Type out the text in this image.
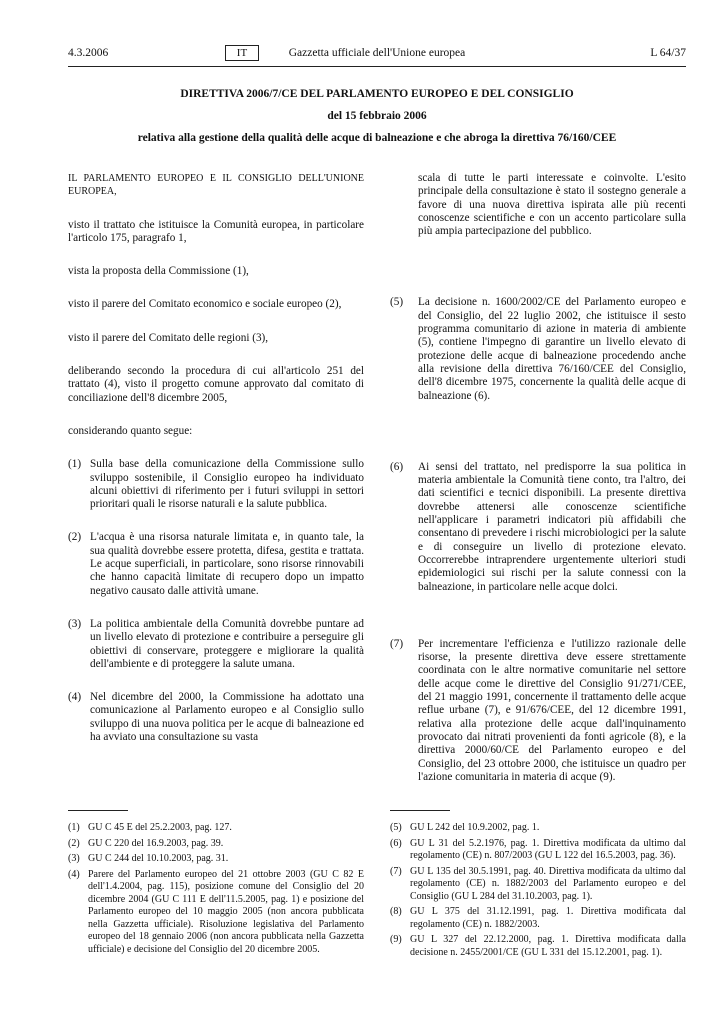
4.3.2006	IT	Gazzetta ufficiale dell'Unione europea	L 64/37
DIRETTIVA 2006/7/CE DEL PARLAMENTO EUROPEO E DEL CONSIGLIO
del 15 febbraio 2006
relativa alla gestione della qualità delle acque di balneazione e che abroga la direttiva 76/160/CEE

IL PARLAMENTO EUROPEO E IL CONSIGLIO DELL'UNIONE EUROPEA,

visto il trattato che istituisce la Comunità europea, in particolare l'articolo 175, paragrafo 1,

vista la proposta della Commissione (1),

visto il parere del Comitato economico e sociale europeo (2),

visto il parere del Comitato delle regioni (3),

deliberando secondo la procedura di cui all'articolo 251 del trattato (4), visto il progetto comune approvato dal comitato di conciliazione dell'8 dicembre 2005,

considerando quanto segue:

(1) Sulla base della comunicazione della Commissione sullo sviluppo sostenibile, il Consiglio europeo ha individuato alcuni obiettivi di riferimento per i futuri sviluppi in settori prioritari quali le risorse naturali e la salute pubblica.
(2) L'acqua è una risorsa naturale limitata e, in quanto tale, la sua qualità dovrebbe essere protetta, difesa, gestita e trattata. Le acque superficiali, in particolare, sono risorse rinnovabili che hanno capacità limitate di recupero dopo un impatto negativo causato dalle attività umane.
(3) La politica ambientale della Comunità dovrebbe puntare ad un livello elevato di protezione e contribuire a perseguire gli obiettivi di conservare, proteggere e migliorare la qualità dell'ambiente e di proteggere la salute umana.
(4) Nel dicembre del 2000, la Commissione ha adottato una comunicazione al Parlamento europeo e al Consiglio sullo sviluppo di una nuova politica per le acque di balneazione ed ha avviato una consultazione su vasta
scala di tutte le parti interessate e coinvolte. L'esito principale della consultazione è stato il sostegno generale a favore di una nuova direttiva ispirata alle più recenti conoscenze scientifiche e con un accento particolare sulla più ampia partecipazione del pubblico.
(5) La decisione n. 1600/2002/CE del Parlamento europeo e del Consiglio, del 22 luglio 2002, che istituisce il sesto programma comunitario di azione in materia di ambiente (5), contiene l'impegno di garantire un livello elevato di protezione delle acque di balneazione procedendo anche alla revisione della direttiva 76/160/CEE del Consiglio, dell'8 dicembre 1975, concernente la qualità delle acque di balneazione (6).
(6) Ai sensi del trattato, nel predisporre la sua politica in materia ambientale la Comunità tiene conto, tra l'altro, dei dati scientifici e tecnici disponibili. La presente direttiva dovrebbe attenersi alle conoscenze scientifiche nell'applicare i parametri indicatori più affidabili che consentano di prevedere i rischi microbiologici per la salute e di conseguire un livello di protezione elevato. Occorrerebbe intraprendere urgentemente ulteriori studi epidemiologici sui rischi per la salute connessi con la balneazione, in particolare nelle acque dolci.
(7) Per incrementare l'efficienza e l'utilizzo razionale delle risorse, la presente direttiva deve essere strettamente coordinata con le altre normative comunitarie nel settore delle acque come le direttive del Consiglio 91/271/CEE, del 21 maggio 1991, concernente il trattamento delle acque reflue urbane (7), e 91/676/CEE, del 12 dicembre 1991, relativa alla protezione delle acque dall'inquinamento provocato dai nitrati provenienti da fonti agricole (8), e la direttiva 2000/60/CE del Parlamento europeo e del Consiglio, del 23 ottobre 2000, che istituisce un quadro per l'azione comunitaria in materia di acque (9).
(1) GU C 45 E del 25.2.2003, pag. 127.
(2) GU C 220 del 16.9.2003, pag. 39.
(3) GU C 244 del 10.10.2003, pag. 31.
(4) Parere del Parlamento europeo del 21 ottobre 2003 (GU C 82 E dell'1.4.2004, pag. 115), posizione comune del Consiglio del 20 dicembre 2004 (GU C 111 E dell'11.5.2005, pag. 1) e posizione del Parlamento europeo del 10 maggio 2005 (non ancora pubblicata nella Gazzetta ufficiale). Risoluzione legislativa del Parlamento europeo del 18 gennaio 2006 (non ancora pubblicata nella Gazzetta ufficiale) e decisione del Consiglio del 20 dicembre 2005.
(5) GU L 242 del 10.9.2002, pag. 1.
(6) GU L 31 del 5.2.1976, pag. 1. Direttiva modificata da ultimo dal regolamento (CE) n. 807/2003 (GU L 122 del 16.5.2003, pag. 36).
(7) GU L 135 del 30.5.1991, pag. 40. Direttiva modificata da ultimo dal regolamento (CE) n. 1882/2003 del Parlamento europeo e del Consiglio (GU L 284 del 31.10.2003, pag. 1).
(8) GU L 375 del 31.12.1991, pag. 1. Direttiva modificata dal regolamento (CE) n. 1882/2003.
(9) GU L 327 del 22.12.2000, pag. 1. Direttiva modificata dalla decisione n. 2455/2001/CE (GU L 331 del 15.12.2001, pag. 1).
